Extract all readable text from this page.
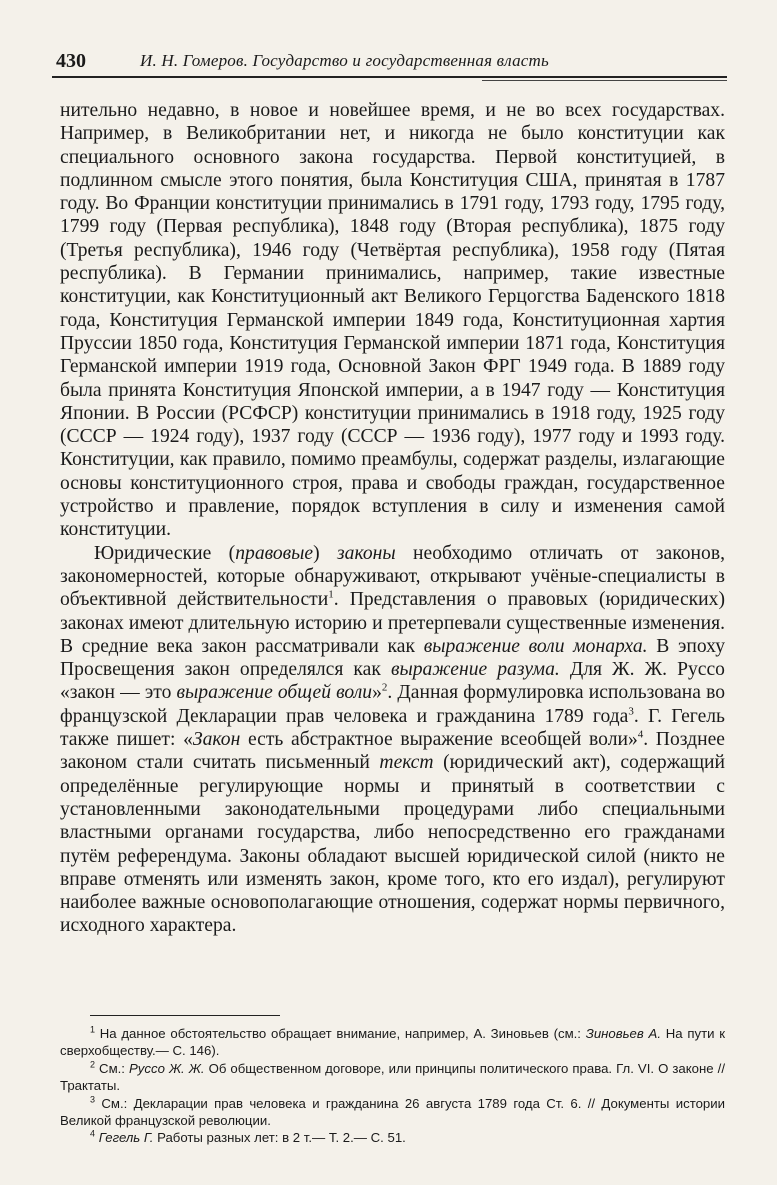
430	И. Н. Гомеров. Государство и государственная власть

нительно недавно, в новое и новейшее время, и не во всех государствах. Например, в Великобритании нет, и никогда не было конституции как специального основного закона государства. Первой конституцией, в подлинном смысле этого понятия, была Конституция США, принятая в 1787 году. Во Франции конституции принимались в 1791 году, 1793 году, 1795 году, 1799 году (Первая республика), 1848 году (Вторая республика), 1875 году (Третья республика), 1946 году (Четвёртая республика), 1958 году (Пятая республика). В Германии принимались, например, такие известные конституции, как Конституционный акт Великого Герцогства Баденского 1818 года, Конституция Германской империи 1849 года, Конституционная хартия Пруссии 1850 года, Конституция Германской империи 1871 года, Конституция Германской империи 1919 года, Основной Закон ФРГ 1949 года. В 1889 году была принята Конституция Японской империи, а в 1947 году — Конституция Японии. В России (РСФСР) конституции принимались в 1918 году, 1925 году (СССР — 1924 году), 1937 году (СССР — 1936 году), 1977 году и 1993 году. Конституции, как правило, помимо преамбулы, содержат разделы, излагающие основы конституционного строя, права и свободы граждан, государственное устройство и правление, порядок вступления в силу и изменения самой конституции.

Юридические (правовые) законы необходимо отличать от законов, закономерностей, которые обнаруживают, открывают учёные-специалисты в объективной действительности$^1$. Представления о правовых (юридических) законах имеют длительную историю и претерпевали существенные изменения. В средние века закон рассматривали как выражение воли монарха. В эпоху Просвещения закон определялся как выражение разума. Для Ж. Ж. Руссо «закон — это выражение общей воли»$^2$. Данная формулировка использована во французской Декларации прав человека и гражданина 1789 года$^3$. Г. Гегель также пишет: «Закон есть абстрактное выражение всеобщей воли»$^4$. Позднее законом стали считать письменный текст (юридический акт), содержащий определённые регулирующие нормы и принятый в соответствии с установленными законодательными процедурами либо специальными властными органами государства, либо непосредственно его гражданами путём референдума. Законы обладают высшей юридической силой (никто не вправе отменять или изменять закон, кроме того, кто его издал), регулируют наиболее важные основополагающие отношения, содержат нормы первичного, исходного характера.

$^1$ На данное обстоятельство обращает внимание, например, А. Зиновьев (см.: Зиновьев А. На пути к сверхобществу.— С. 146).

$^2$ См.: Руссо Ж. Ж. Об общественном договоре, или принципы политического права. Гл. VI. О законе // Трактаты.

$^3$ См.: Декларации прав человека и гражданина 26 августа 1789 года Ст. 6. // Документы истории Великой французской революции.

$^4$ Гегель Г. Работы разных лет: в 2 т.— Т. 2.— С. 51.
